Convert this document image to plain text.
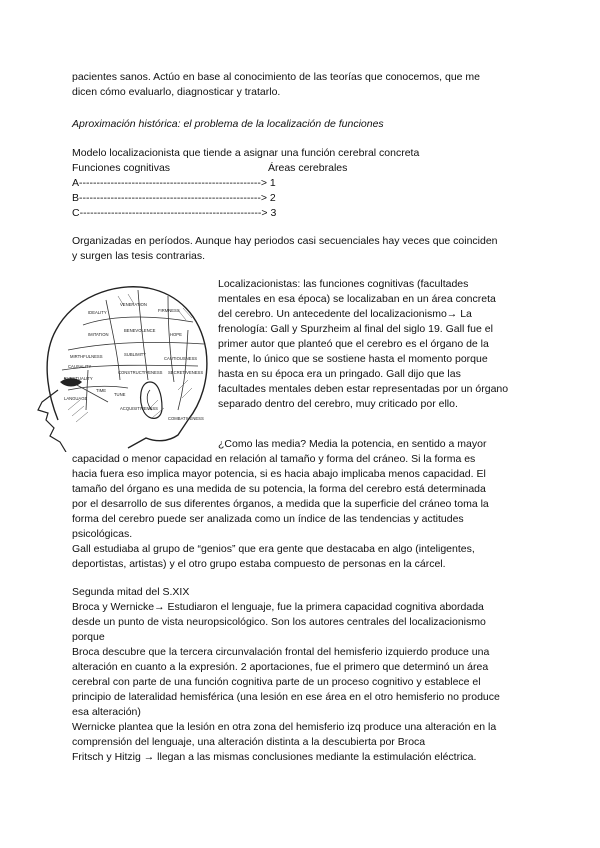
pacientes sanos. Actúo en base al conocimiento de las teorías que conocemos, que me
dicen cómo evaluarlo, diagnosticar y tratarlo.
Aproximación histórica: el problema de la localización de funciones
Modelo localizacionista que tiende a asignar una función cerebral concreta
Funciones cognitivas	Áreas cerebrales
A----------------------------------------------------> 1
B----------------------------------------------------> 2
C----------------------------------------------------> 3
Organizadas en períodos. Aunque hay periodos casi secuenciales hay veces que coinciden
y surgen las tesis contrarias.
IDEALITY
VENERATION
FIRMNESS
IMITATION
BENEVOLENCE
HOPE
MIRTHFULNESS	SUBLIMITY
CAUTIOUSNESS
CAUSALITY
CONSTRUCTIVENESS SECRETIVENESS
EVENTUALITY
TIME
TUNE
COMBATIVENESS
LANGUAGE
ACQUISITIVENESS
Localizacionistas: las funciones cognitivas (facultades
mentales en esa época) se localizaban en un área concreta
del cerebro. Un antecedente del localizacionismo→ La
frenología: Gall y Spurzheim al final del siglo 19. Gall fue el
primer autor que planteó que el cerebro es el órgano de la
mente, lo único que se sostiene hasta el momento porque
hasta en su época era un pringado. Gall dijo que las
facultades mentales deben estar representadas por un órgano
separado dentro del cerebro, muy criticado por ello.
¿Como las media? Media la potencia, en sentido a mayor
capacidad o menor capacidad en relación al tamaño y forma del cráneo. Si la forma es
hacia fuera eso implica mayor potencia, si es hacia abajo implicaba menos capacidad. El
tamaño del órgano es una medida de su potencia, la forma del cerebro está determinada
por el desarrollo de sus diferentes órganos, a medida que la superficie del cráneo toma la
forma del cerebro puede ser analizada como un índice de las tendencias y actitudes
psicológicas.
Gall estudiaba al grupo de “genios” que era gente que destacaba en algo (inteligentes,
deportistas, artistas) y el otro grupo estaba compuesto de personas en la cárcel.
Segunda mitad del S.XIX
Broca y Wernicke→ Estudiaron el lenguaje, fue la primera capacidad cognitiva abordada
desde un punto de vista neuropsicológico. Son los autores centrales del localizacionismo
porque
Broca descubre que la tercera circunvalación frontal del hemisferio izquierdo produce una
alteración en cuanto a la expresión. 2 aportaciones, fue el primero que determinó un área
cerebral con parte de una función cognitiva parte de un proceso cognitivo y establece el
principio de lateralidad hemisférica (una lesión en ese área en el otro hemisferio no produce
esa alteración)
Wernicke plantea que la lesión en otra zona del hemisferio izq produce una alteración en la
comprensión del lenguaje, una alteración distinta a la descubierta por Broca
Fritsch y Hitzig → llegan a las mismas conclusiones mediante la estimulación eléctrica.
